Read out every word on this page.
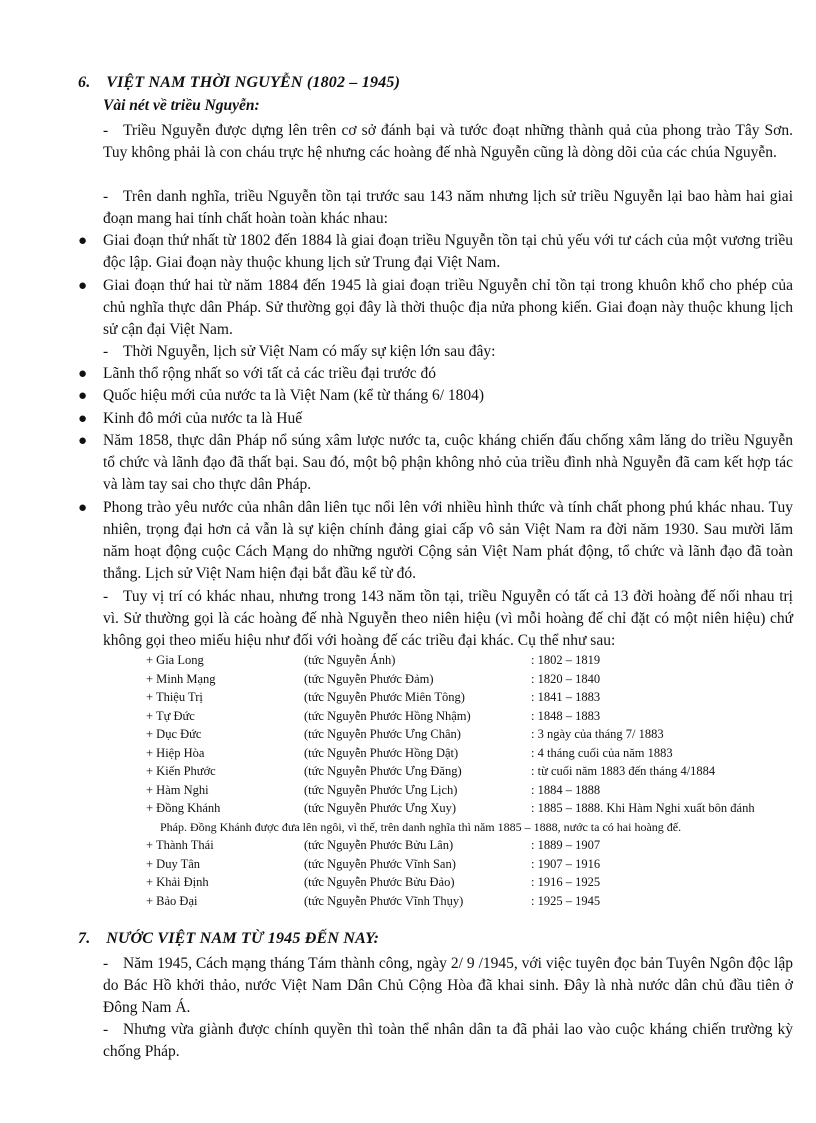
6. VIỆT NAM THỜI NGUYỄN (1802 – 1945)
Vài nét về triều Nguyễn:

- Triều Nguyễn được dựng lên trên cơ sở đánh bại và tước đoạt những thành quả của phong trào Tây Sơn. Tuy không phải là con cháu trực hệ nhưng các hoàng đế nhà Nguyễn cũng là dòng dõi của các chúa Nguyễn.

- Trên danh nghĩa, triều Nguyễn tồn tại trước sau 143 năm nhưng lịch sử triều Nguyễn lại bao hàm hai giai đoạn mang hai tính chất hoàn toàn khác nhau:

●	Giai đoạn thứ nhất từ 1802 đến 1884 là giai đoạn triều Nguyễn tồn tại chủ yếu với tư cách của một vương triều độc lập. Giai đoạn này thuộc khung lịch sử Trung đại Việt Nam.
●	Giai đoạn thứ hai từ năm 1884 đến 1945 là giai đoạn triều Nguyễn chỉ tồn tại trong khuôn khổ cho phép của chủ nghĩa thực dân Pháp. Sử thường gọi đây là thời thuộc địa nửa phong kiến. Giai đoạn này thuộc khung lịch sử cận đại Việt Nam.

- Thời Nguyễn, lịch sử Việt Nam có mấy sự kiện lớn sau đây:

●	Lãnh thổ rộng nhất so với tất cả các triều đại trước đó
●	Quốc hiệu mới của nước ta là Việt Nam (kể từ tháng 6/ 1804)
●	Kinh đô mới của nước ta là Huế
●	Năm 1858, thực dân Pháp nổ súng xâm lược nước ta, cuộc kháng chiến đấu chống xâm lăng do triều Nguyễn tổ chức và lãnh đạo đã thất bại. Sau đó, một bộ phận không nhỏ của triều đình nhà Nguyễn đã cam kết hợp tác và làm tay sai cho thực dân Pháp.
●	Phong trào yêu nước của nhân dân liên tục nổi lên với nhiều hình thức và tính chất phong phú khác nhau. Tuy nhiên, trọng đại hơn cả vẫn là sự kiện chính đảng giai cấp vô sản Việt Nam ra đời năm 1930. Sau mười lăm năm hoạt động cuộc Cách Mạng do những người Cộng sản Việt Nam phát động, tổ chức và lãnh đạo đã toàn thắng. Lịch sử Việt Nam hiện đại bắt đầu kể từ đó.

- Tuy vị trí có khác nhau, nhưng trong 143 năm tồn tại, triều Nguyễn có tất cả 13 đời hoàng đế nối nhau trị vì. Sử thường gọi là các hoàng đế nhà Nguyễn theo niên hiệu (vì mỗi hoàng đế chỉ đặt có một niên hiệu) chứ không gọi theo miếu hiệu như đối với hoàng đế các triều đại khác. Cụ thể như sau:

+ Gia Long	(tức Nguyễn Ánh)	: 1802 – 1819
+ Minh Mạng	(tức Nguyễn Phước Đảm)	: 1820 – 1840
+ Thiệu Trị	(tức Nguyễn Phước Miên Tông)	: 1841 – 1883
+ Tự Đức	(tức Nguyễn Phước Hồng Nhậm)	: 1848 – 1883
+ Dục Đức	(tức Nguyễn Phước Ưng Chân)	: 3 ngày của tháng 7/ 1883
+ Hiệp Hòa	(tức Nguyễn Phước Hồng Dật)	: 4 tháng cuối của năm 1883
+ Kiến Phước	(tức Nguyễn Phước Ưng Đăng)	: từ cuối năm 1883 đến tháng 4/1884
+ Hàm Nghi	(tức Nguyễn Phước Ưng Lịch)	: 1884 – 1888
+ Đồng Khánh	(tức Nguyễn Phước Ưng Xuy)	: 1885 – 1888. Khi Hàm Nghi xuất bôn đánh
Pháp. Đồng Khánh được đưa lên ngôi, vì thế, trên danh nghĩa thì năm 1885 – 1888, nước ta có hai hoàng đế.
+ Thành Thái	(tức Nguyễn Phước Bửu Lân)	: 1889 – 1907
+ Duy Tân	(tức Nguyễn Phước Vĩnh San)	: 1907 – 1916
+ Khải Định	(tức Nguyễn Phước Bửu Đảo)	: 1916 – 1925
+ Bảo Đại	(tức Nguyễn Phước Vĩnh Thụy)	: 1925 – 1945
7. NƯỚC VIỆT NAM TỪ 1945 ĐẾN NAY:

- Năm 1945, Cách mạng tháng Tám thành công, ngày 2/ 9 /1945, với việc tuyên đọc bản Tuyên Ngôn độc lập do Bác Hồ khởi thảo, nước Việt Nam Dân Chủ Cộng Hòa đã khai sinh. Đây là nhà nước dân chủ đầu tiên ở Đông Nam Á.

- Nhưng vừa giành được chính quyền thì toàn thể nhân dân ta đã phải lao vào cuộc kháng chiến trường kỳ chống Pháp.
